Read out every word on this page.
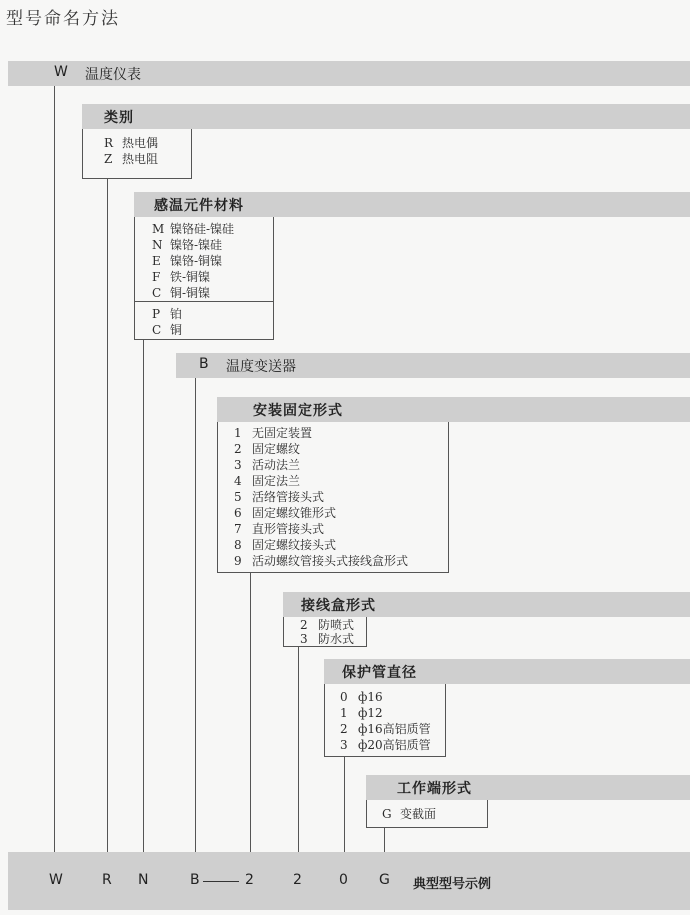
型号命名方法
W 温度仪表
类别
R 热电偶
Z 热电阻
感温元件材料
M 镍铬硅-镍硅
N 镍铬-镍硅
E 镍铬-铜镍
F 铁-铜镍
C 铜-铜镍
P 铂
C 铜
B 温度变送器
安装固定形式
1 无固定装置
2 固定螺纹
3 活动法兰
4 固定法兰
5 活络管接头式
6 固定螺纹锥形式
7 直形管接头式
8 固定螺纹接头式
9 活动螺纹管接头式接线盒形式
接线盒形式
2 防喷式
3 防水式
保护管直径
0 ф16
1 ф12
2 ф16高铝质管
3 ф20高铝质管
工作端形式
G 变截面
W	R N	B	2	2	0 G 典型型号示例
